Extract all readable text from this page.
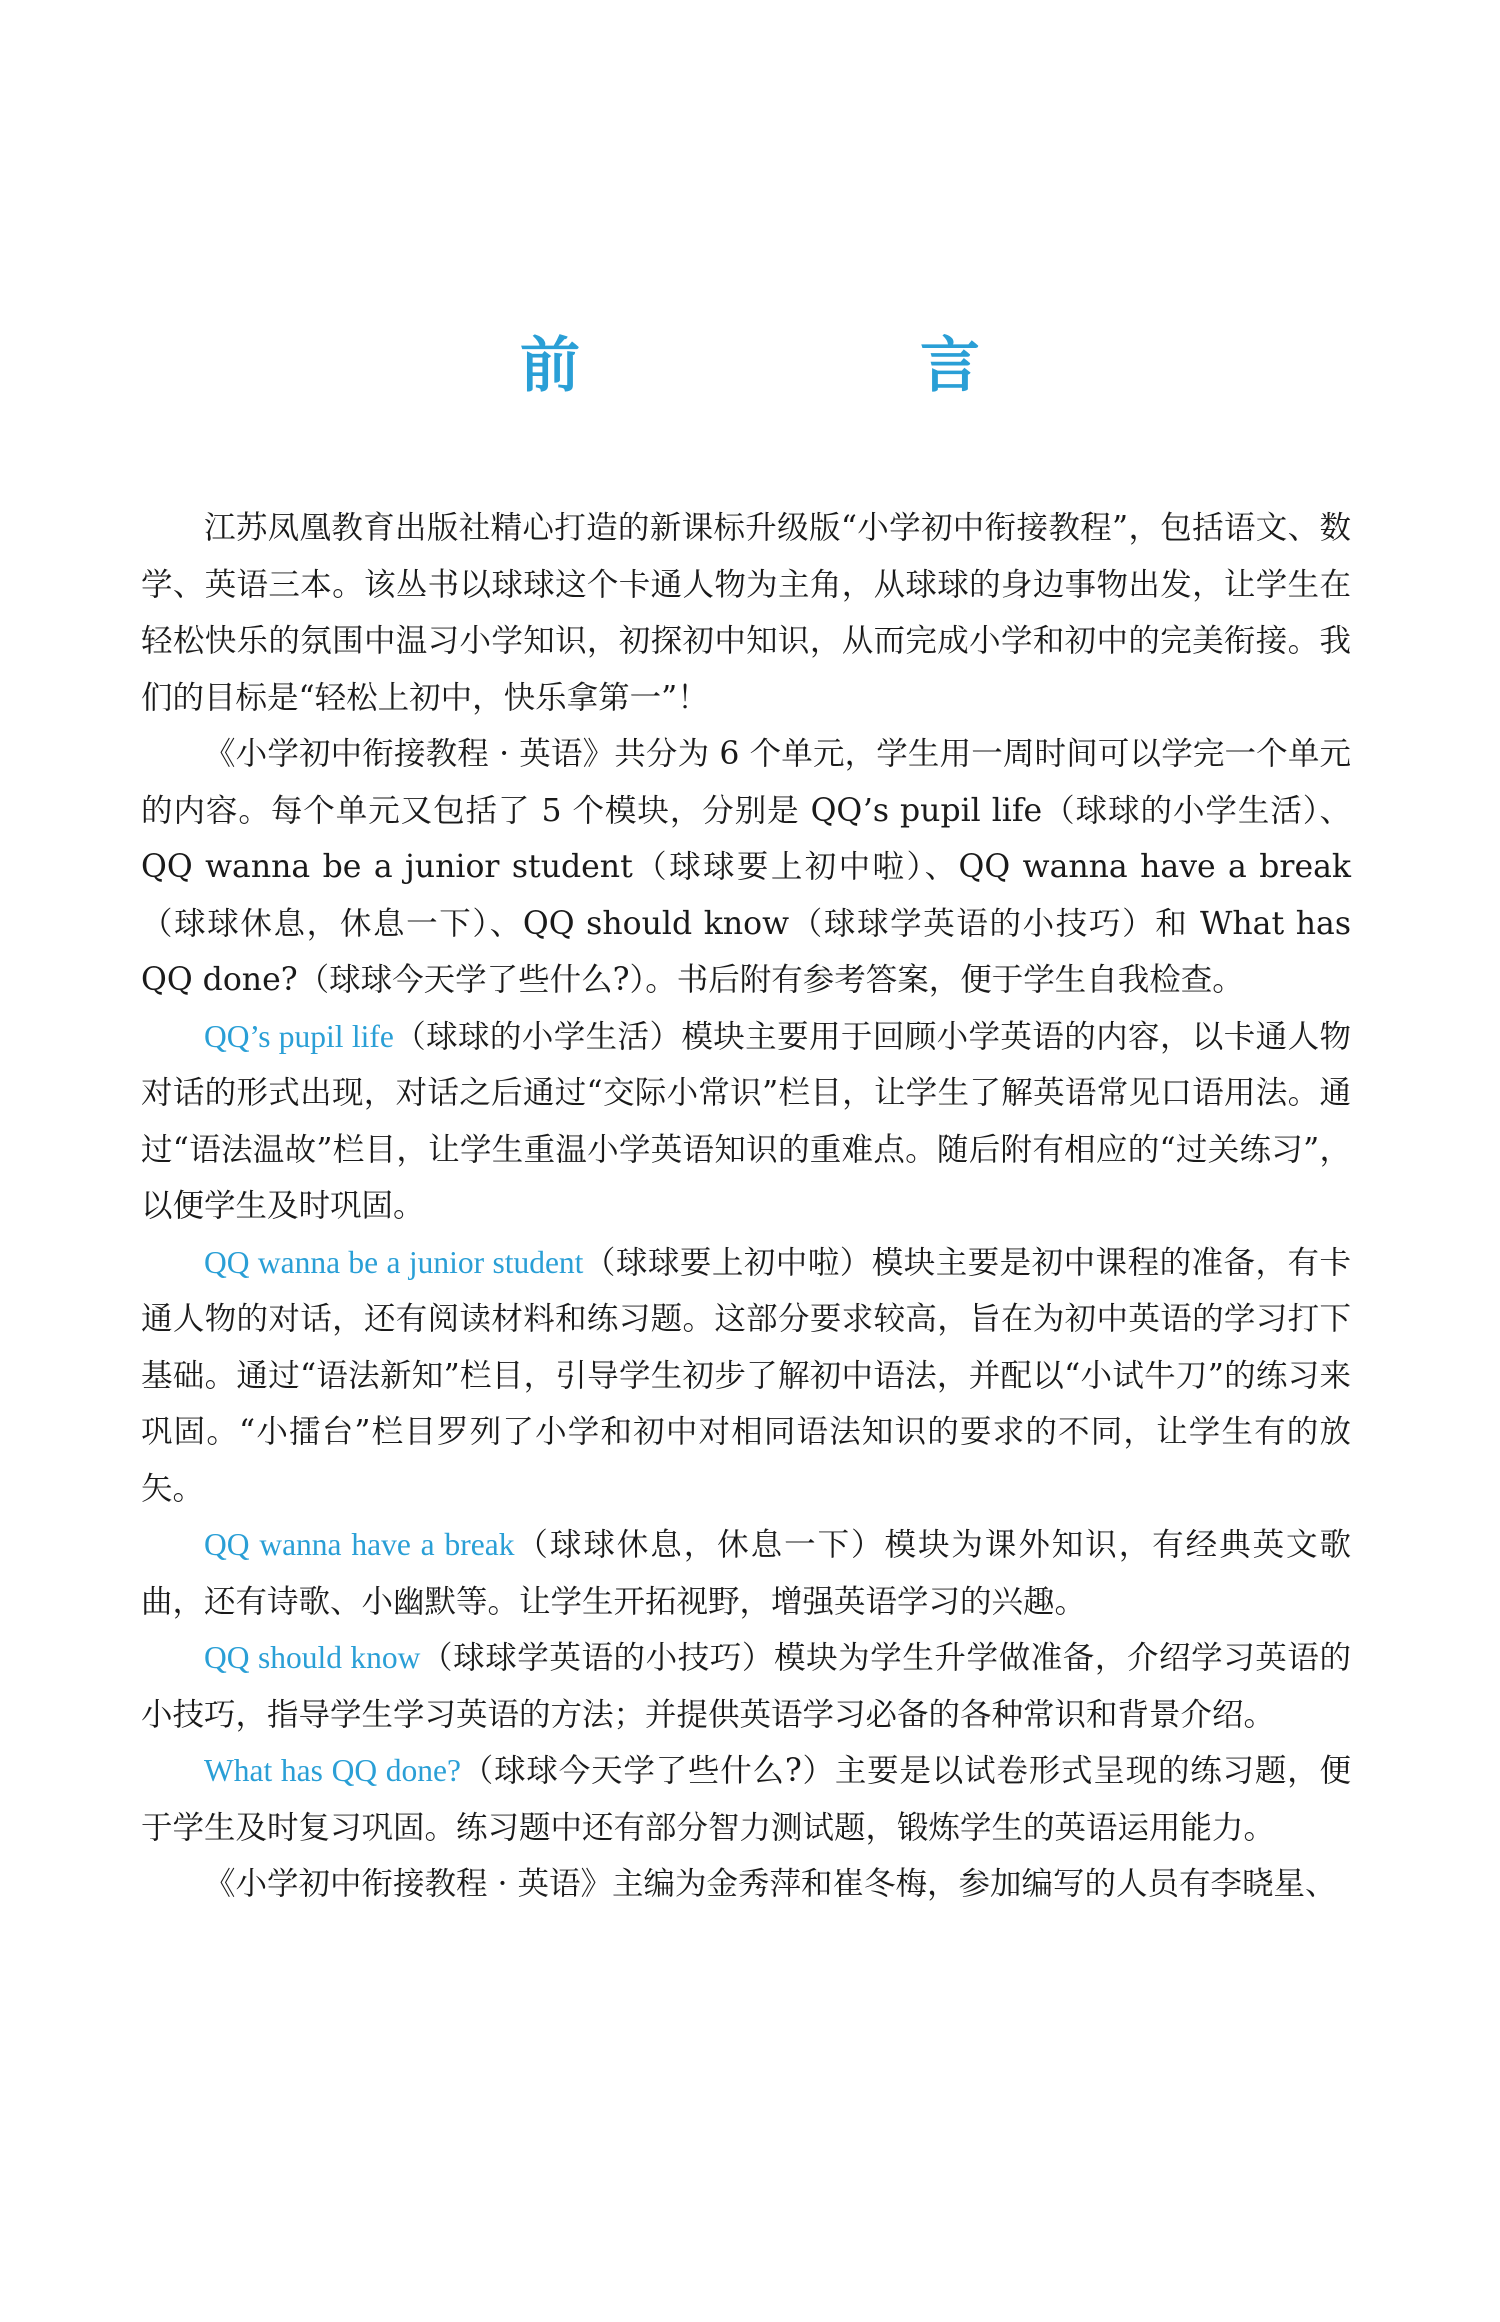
前　言

江苏凤凰教育出版社精心打造的新课标升级版“小学初中衔接教程”，包括语文、数学、英语三本。该丛书以球球这个卡通人物为主角，从球球的身边事物出发，让学生在轻松快乐的氛围中温习小学知识，初探初中知识，从而完成小学和初中的完美衔接。我们的目标是“轻松上初中，快乐拿第一”！

《小学初中衔接教程 · 英语》共分为 6 个单元，学生用一周时间可以学完一个单元的内容。每个单元又包括了 5 个模块，分别是 QQ’s pupil life（球球的小学生活）、QQ wanna be a junior student（球球要上初中啦）、QQ wanna have a break（球球休息，休息一下）、QQ should know（球球学英语的小技巧）和 What has QQ done?（球球今天学了些什么?）。书后附有参考答案，便于学生自我检查。

QQ’s pupil life（球球的小学生活）模块主要用于回顾小学英语的内容，以卡通人物对话的形式出现，对话之后通过“交际小常识”栏目，让学生了解英语常见口语用法。通过“语法温故”栏目，让学生重温小学英语知识的重难点。随后附有相应的“过关练习”，以便学生及时巩固。

QQ wanna be a junior student（球球要上初中啦）模块主要是初中课程的准备，有卡通人物的对话，还有阅读材料和练习题。这部分要求较高，旨在为初中英语的学习打下基础。通过“语法新知”栏目，引导学生初步了解初中语法，并配以“小试牛刀”的练习来巩固。“小擂台”栏目罗列了小学和初中对相同语法知识的要求的不同，让学生有的放矢。

QQ wanna have a break（球球休息，休息一下）模块为课外知识，有经典英文歌曲，还有诗歌、小幽默等。让学生开拓视野，增强英语学习的兴趣。

QQ should know（球球学英语的小技巧）模块为学生升学做准备，介绍学习英语的小技巧，指导学生学习英语的方法；并提供英语学习必备的各种常识和背景介绍。

What has QQ done?（球球今天学了些什么?）主要是以试卷形式呈现的练习题，便于学生及时复习巩固。练习题中还有部分智力测试题，锻炼学生的英语运用能力。

《小学初中衔接教程 · 英语》主编为金秀萍和崔冬梅，参加编写的人员有李晓星、
